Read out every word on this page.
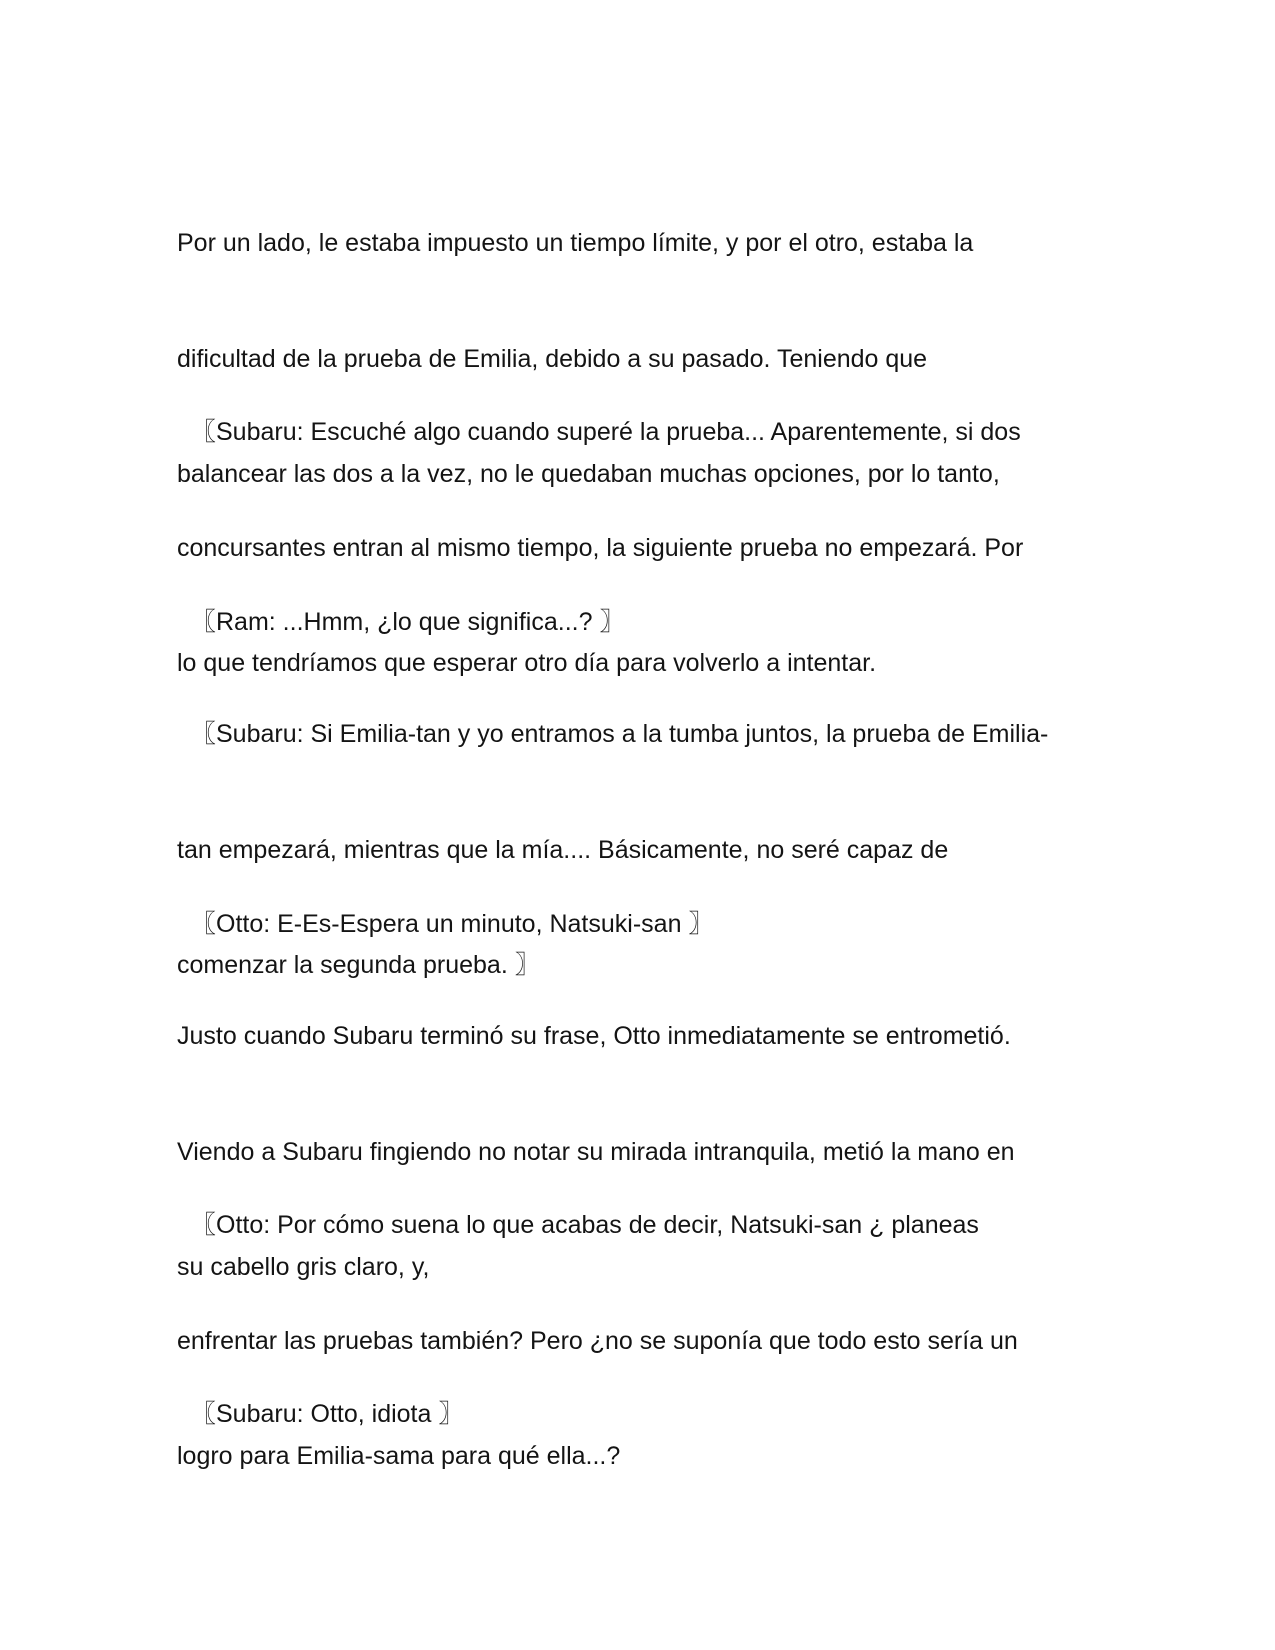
Por un lado, le estaba impuesto un tiempo límite, y por el otro, estaba la

dificultad de la prueba de Emilia, debido a su pasado. Teniendo que

balancear las dos a la vez, no le quedaban muchas opciones, por lo tanto,

〖Subaru: Escuché algo cuando superé la prueba... Aparentemente, si dos

concursantes entran al mismo tiempo, la siguiente prueba no empezará. Por

lo que tendríamos que esperar otro día para volverlo a intentar.

〖Ram: ...Hmm, ¿lo que significa...? 〗

〖Subaru: Si Emilia-tan y yo entramos a la tumba juntos, la prueba de Emilia-

tan empezará, mientras que la mía.... Básicamente, no seré capaz de

comenzar la segunda prueba. 〗

〖Otto: E-Es-Espera un minuto, Natsuki-san 〗

Justo cuando Subaru terminó su frase, Otto inmediatamente se entrometió.

Viendo a Subaru fingiendo no notar su mirada intranquila, metió la mano en

su cabello gris claro, y,

〖Otto: Por cómo suena lo que acabas de decir, Natsuki-san ¿ planeas

enfrentar las pruebas también? Pero ¿no se suponía que todo esto sería un

logro para Emilia-sama para qué ella...?

〖Subaru: Otto, idiota 〗
